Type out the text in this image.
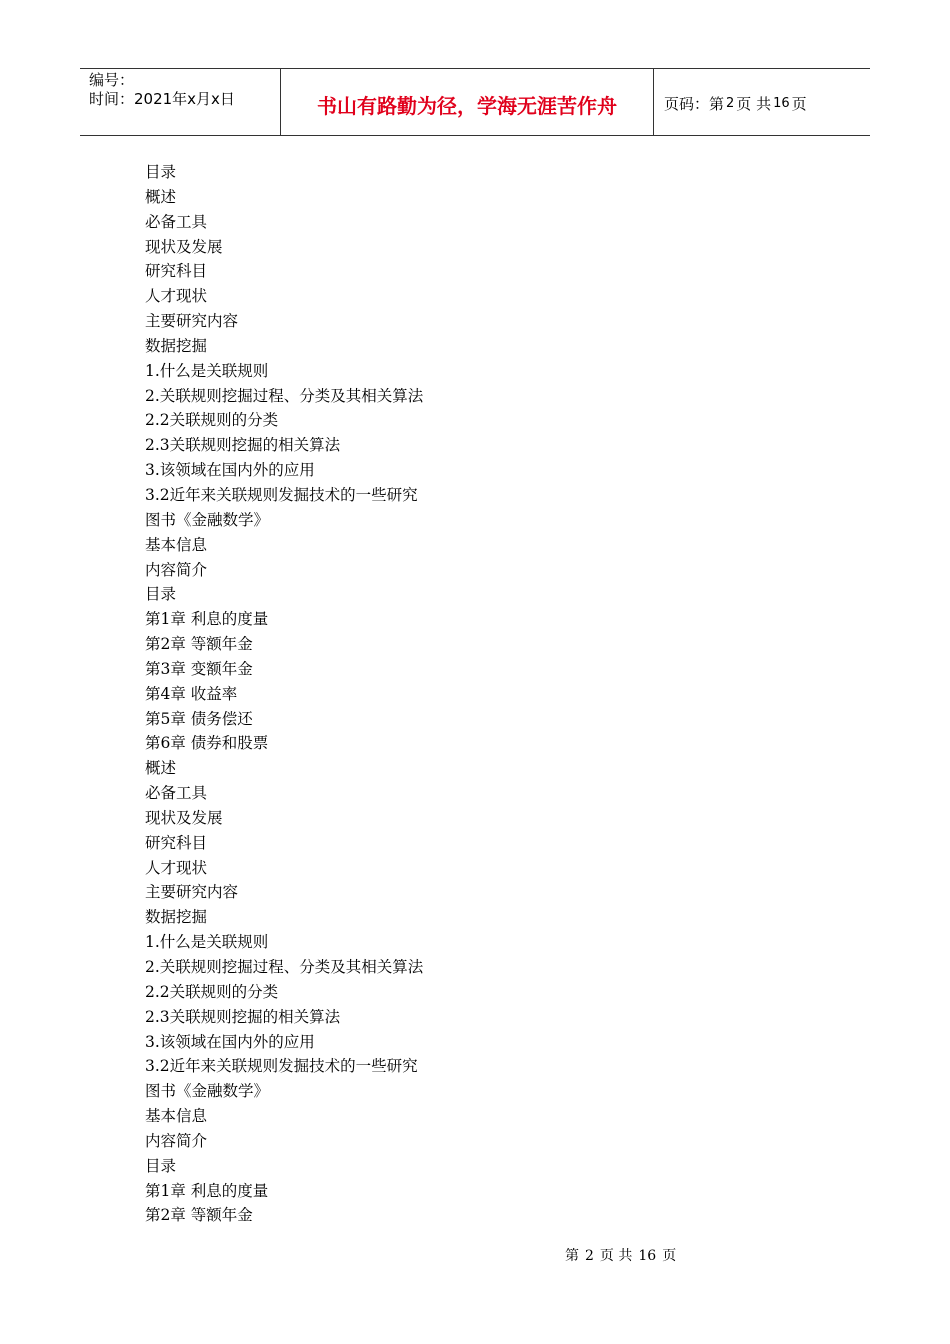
编号：
时间：2021年x月x日	书山有路勤为径，学海无涯苦作舟	页码：第 2 页 共 16 页
目录
概述
必备工具
现状及发展
研究科目
人才现状
主要研究内容
数据挖掘
1.什么是关联规则
2.关联规则挖掘过程、分类及其相关算法
2.2关联规则的分类
2.3关联规则挖掘的相关算法
3.该领域在国内外的应用
3.2近年来关联规则发掘技术的一些研究
图书《金融数学》
基本信息
内容简介
目录
第1章 利息的度量
第2章 等额年金
第3章 变额年金
第4章 收益率
第5章 债务偿还
第6章 债券和股票
概述
必备工具
现状及发展
研究科目
人才现状
主要研究内容
数据挖掘
1.什么是关联规则
2.关联规则挖掘过程、分类及其相关算法
2.2关联规则的分类
2.3关联规则挖掘的相关算法
3.该领域在国内外的应用
3.2近年来关联规则发掘技术的一些研究
图书《金融数学》
基本信息
内容简介
目录
第1章 利息的度量
第2章 等额年金
第 2 页 共 16 页
